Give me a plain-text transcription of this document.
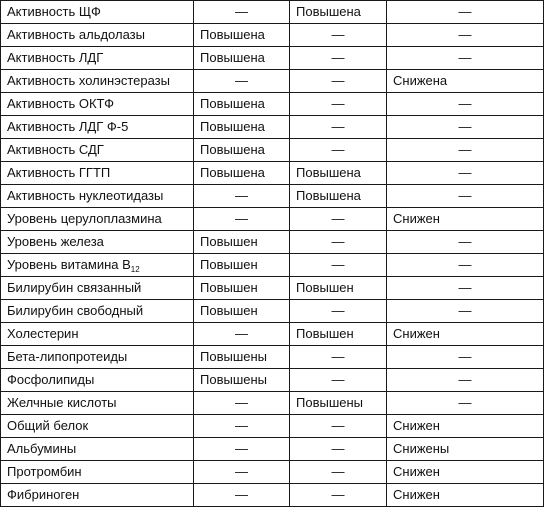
Активность ЩФ	—	Повышена	—
Активность альдолазы	Повышена	—	—
Активность ЛДГ	Повышена	—	—
Активность холинэстеразы	—	—	Снижена
Активность ОКТФ	Повышена	—	—
Активность ЛДГ Ф-5	Повышена	—	—
Активность СДГ	Повышена	—	—
Активность ГГТП	Повышена	Повышена	—
Активность нуклеотидазы	—	Повышена	—
Уровень церулоплазмина	—	—	Снижен
Уровень железа	Повышен	—	—
Уровень витамина $B_{12}$	Повышен	—	—
Билирубин связанный	Повышен	Повышен	—
Билирубин свободный	Повышен	—	—
Холестерин	—	Повышен	Снижен
Бета-липопротеиды	Повышены	—	—
Фосфолипиды	Повышены	—	—
Желчные кислоты	—	Повышены	—
Общий белок	—	—	Снижен
Альбумины	—	—	Снижены
Протромбин	—	—	Снижен
Фибриноген	—	—	Снижен
